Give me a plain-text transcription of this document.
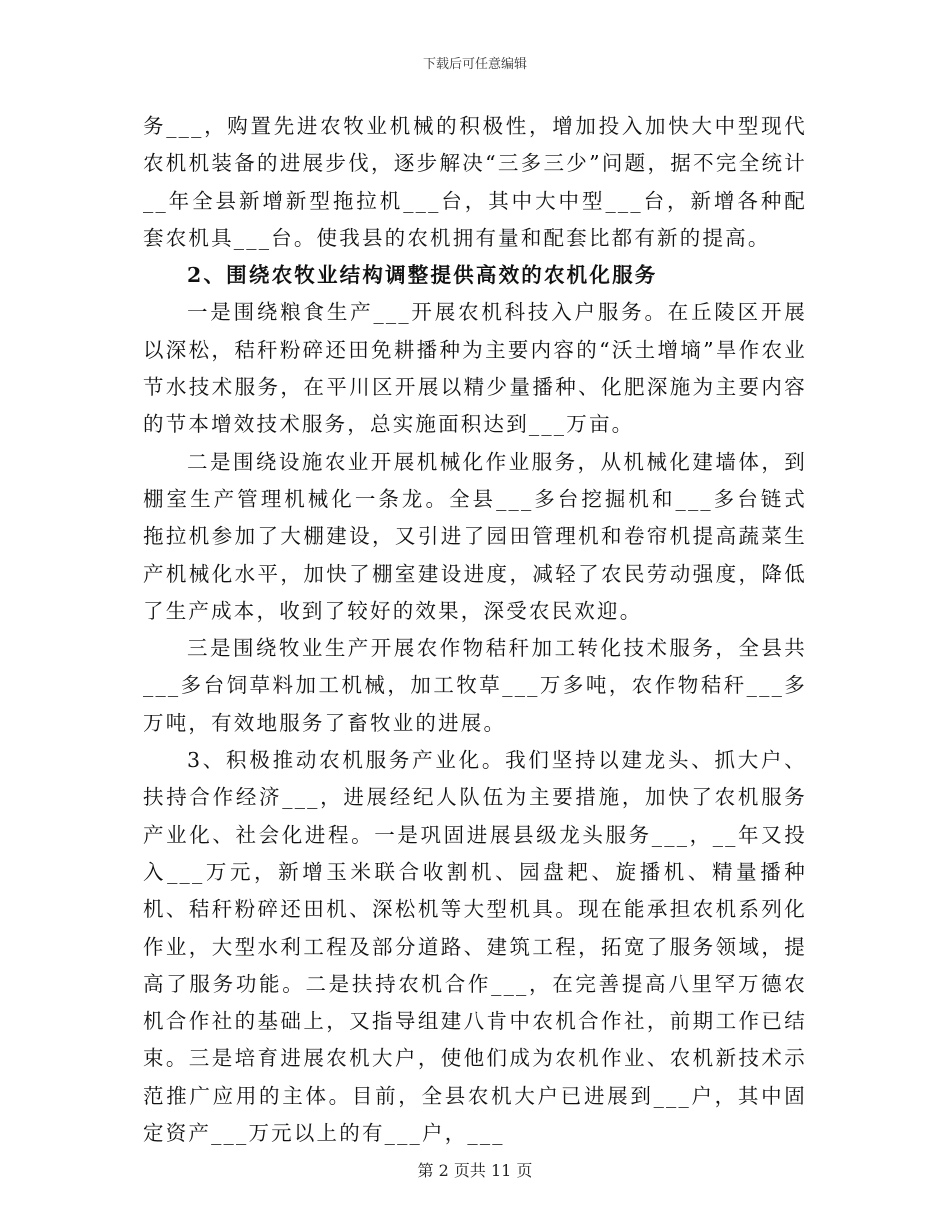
下载后可任意编辑

务___，购置先进农牧业机械的积极性，增加投入加快大中型现代农机机装备的进展步伐，逐步解决“三多三少”问题，据不完全统计__年全县新增新型拖拉机___台，其中大中型___台，新增各种配套农机具___台。使我县的农机拥有量和配套比都有新的提高。

2、围绕农牧业结构调整提供高效的农机化服务

一是围绕粮食生产___开展农机科技入户服务。在丘陵区开展以深松，秸秆粉碎还田免耕播种为主要内容的“沃土增墒”旱作农业节水技术服务，在平川区开展以精少量播种、化肥深施为主要内容的节本增效技术服务，总实施面积达到___万亩。

二是围绕设施农业开展机械化作业服务，从机械化建墙体，到棚室生产管理机械化一条龙。全县___多台挖掘机和___多台链式拖拉机参加了大棚建设，又引进了园田管理机和卷帘机提高蔬菜生产机械化水平，加快了棚室建设进度，减轻了农民劳动强度，降低了生产成本，收到了较好的效果，深受农民欢迎。

三是围绕牧业生产开展农作物秸秆加工转化技术服务，全县共___多台饲草料加工机械，加工牧草___万多吨，农作物秸秆___多万吨，有效地服务了畜牧业的进展。

3、积极推动农机服务产业化。我们坚持以建龙头、抓大户、扶持合作经济___，进展经纪人队伍为主要措施，加快了农机服务产业化、社会化进程。一是巩固进展县级龙头服务___，__年又投入___万元，新增玉米联合收割机、园盘耙、旋播机、精量播种机、秸秆粉碎还田机、深松机等大型机具。现在能承担农机系列化作业，大型水利工程及部分道路、建筑工程，拓宽了服务领域，提高了服务功能。二是扶持农机合作___，在完善提高八里罕万德农机合作社的基础上，又指导组建八肯中农机合作社，前期工作已结束。三是培育进展农机大户，使他们成为农机作业、农机新技术示范推广应用的主体。目前，全县农机大户已进展到___户，其中固定资产___万元以上的有___户，___

第 2 页共 11 页
